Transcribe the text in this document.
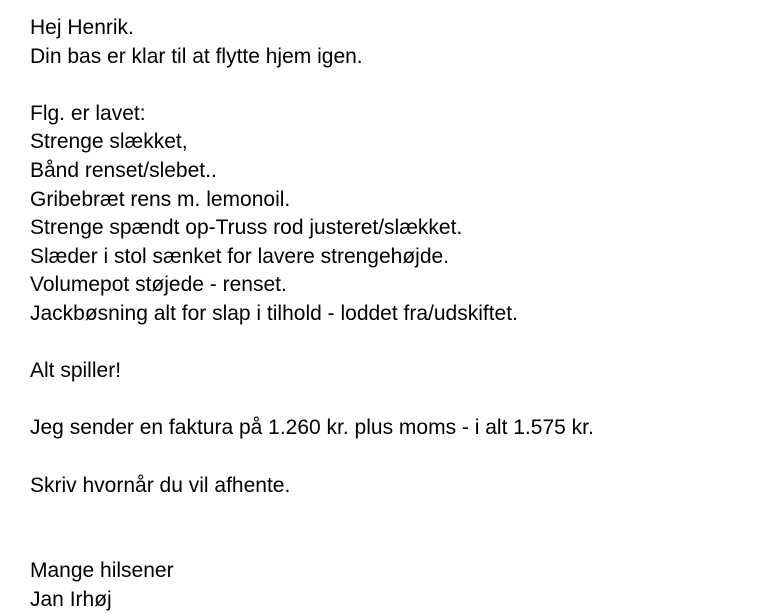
Hej Henrik.
Din bas er klar til at flytte hjem igen.
Flg. er lavet:
Strenge slækket,
Bånd renset/slebet..
Gribebræt rens m. lemonoil.
Strenge spændt op-Truss rod justeret/slækket.
Slæder i stol sænket for lavere strengehøjde.
Volumepot støjede - renset.
Jackbøsning alt for slap i tilhold - loddet fra/udskiftet.
Alt spiller!
Jeg sender en faktura på 1.260 kr. plus moms - i alt 1.575 kr.
Skriv hvornår du vil afhente.
Mange hilsener
Jan Irhøj
